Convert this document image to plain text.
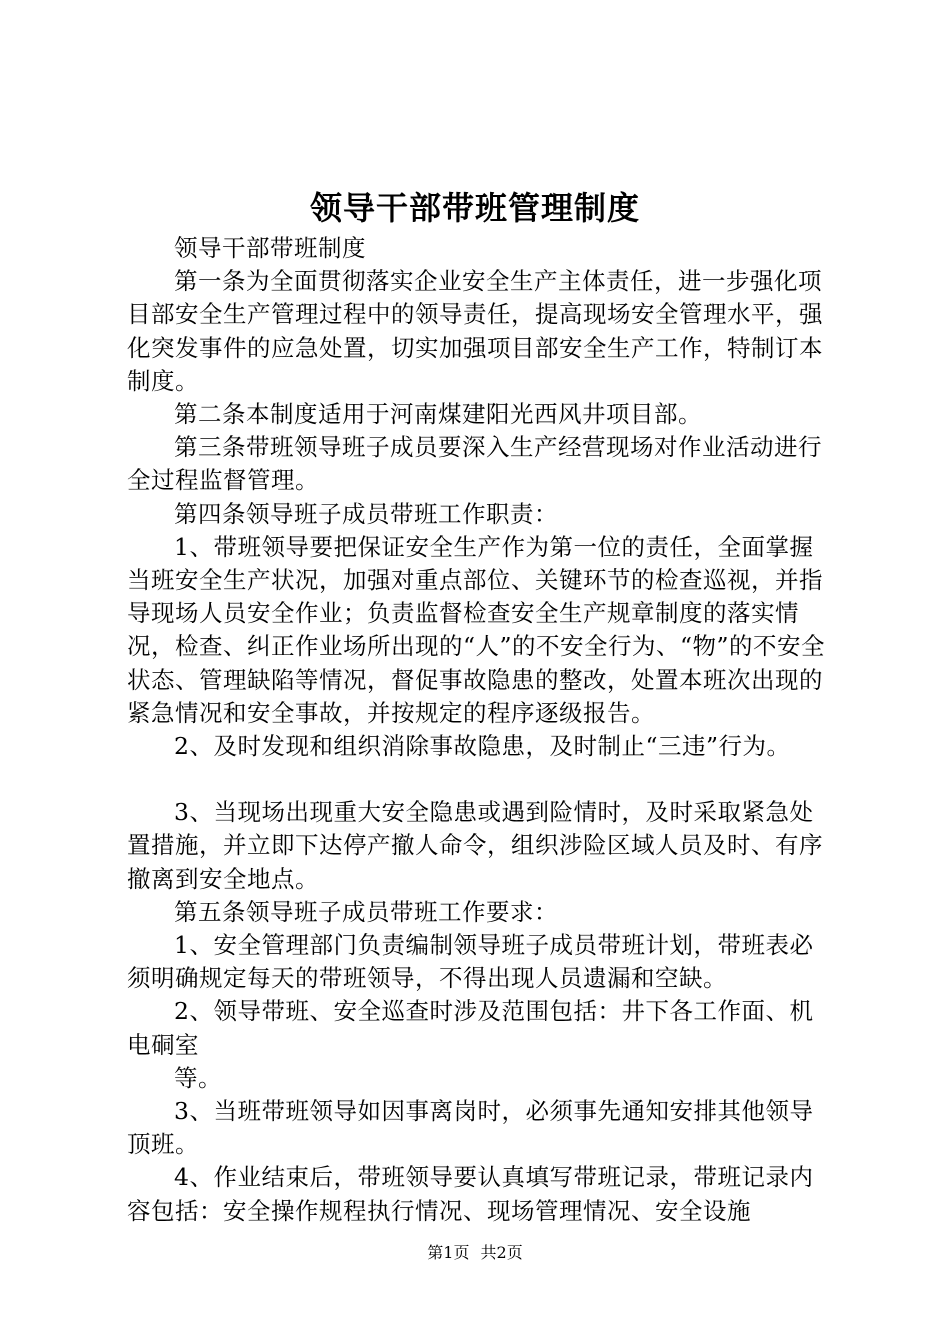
领导干部带班管理制度

领导干部带班制度

第一条为全面贯彻落实企业安全生产主体责任，进一步强化项目部安全生产管理过程中的领导责任，提高现场安全管理水平，强化突发事件的应急处置，切实加强项目部安全生产工作，特制订本制度。

第二条本制度适用于河南煤建阳光西风井项目部。

第三条带班领导班子成员要深入生产经营现场对作业活动进行全过程监督管理。

第四条领导班子成员带班工作职责：

1、带班领导要把保证安全生产作为第一位的责任，全面掌握当班安全生产状况，加强对重点部位、关键环节的检查巡视，并指导现场人员安全作业；负责监督检查安全生产规章制度的落实情况，检查、纠正作业场所出现的“人”的不安全行为、“物”的不安全状态、管理缺陷等情况，督促事故隐患的整改，处置本班次出现的紧急情况和安全事故，并按规定的程序逐级报告。

2、及时发现和组织消除事故隐患，及时制止“三违”行为。

3、当现场出现重大安全隐患或遇到险情时，及时采取紧急处置措施，并立即下达停产撤人命令，组织涉险区域人员及时、有序撤离到安全地点。

第五条领导班子成员带班工作要求：

1、安全管理部门负责编制领导班子成员带班计划，带班表必须明确规定每天的带班领导，不得出现人员遗漏和空缺。

2、领导带班、安全巡查时涉及范围包括：井下各工作面、机电硐室

等。

3、当班带班领导如因事离岗时，必须事先通知安排其他领导顶班。

4、作业结束后，带班领导要认真填写带班记录，带班记录内容包括：安全操作规程执行情况、现场管理情况、安全设施

第1页 共2页
